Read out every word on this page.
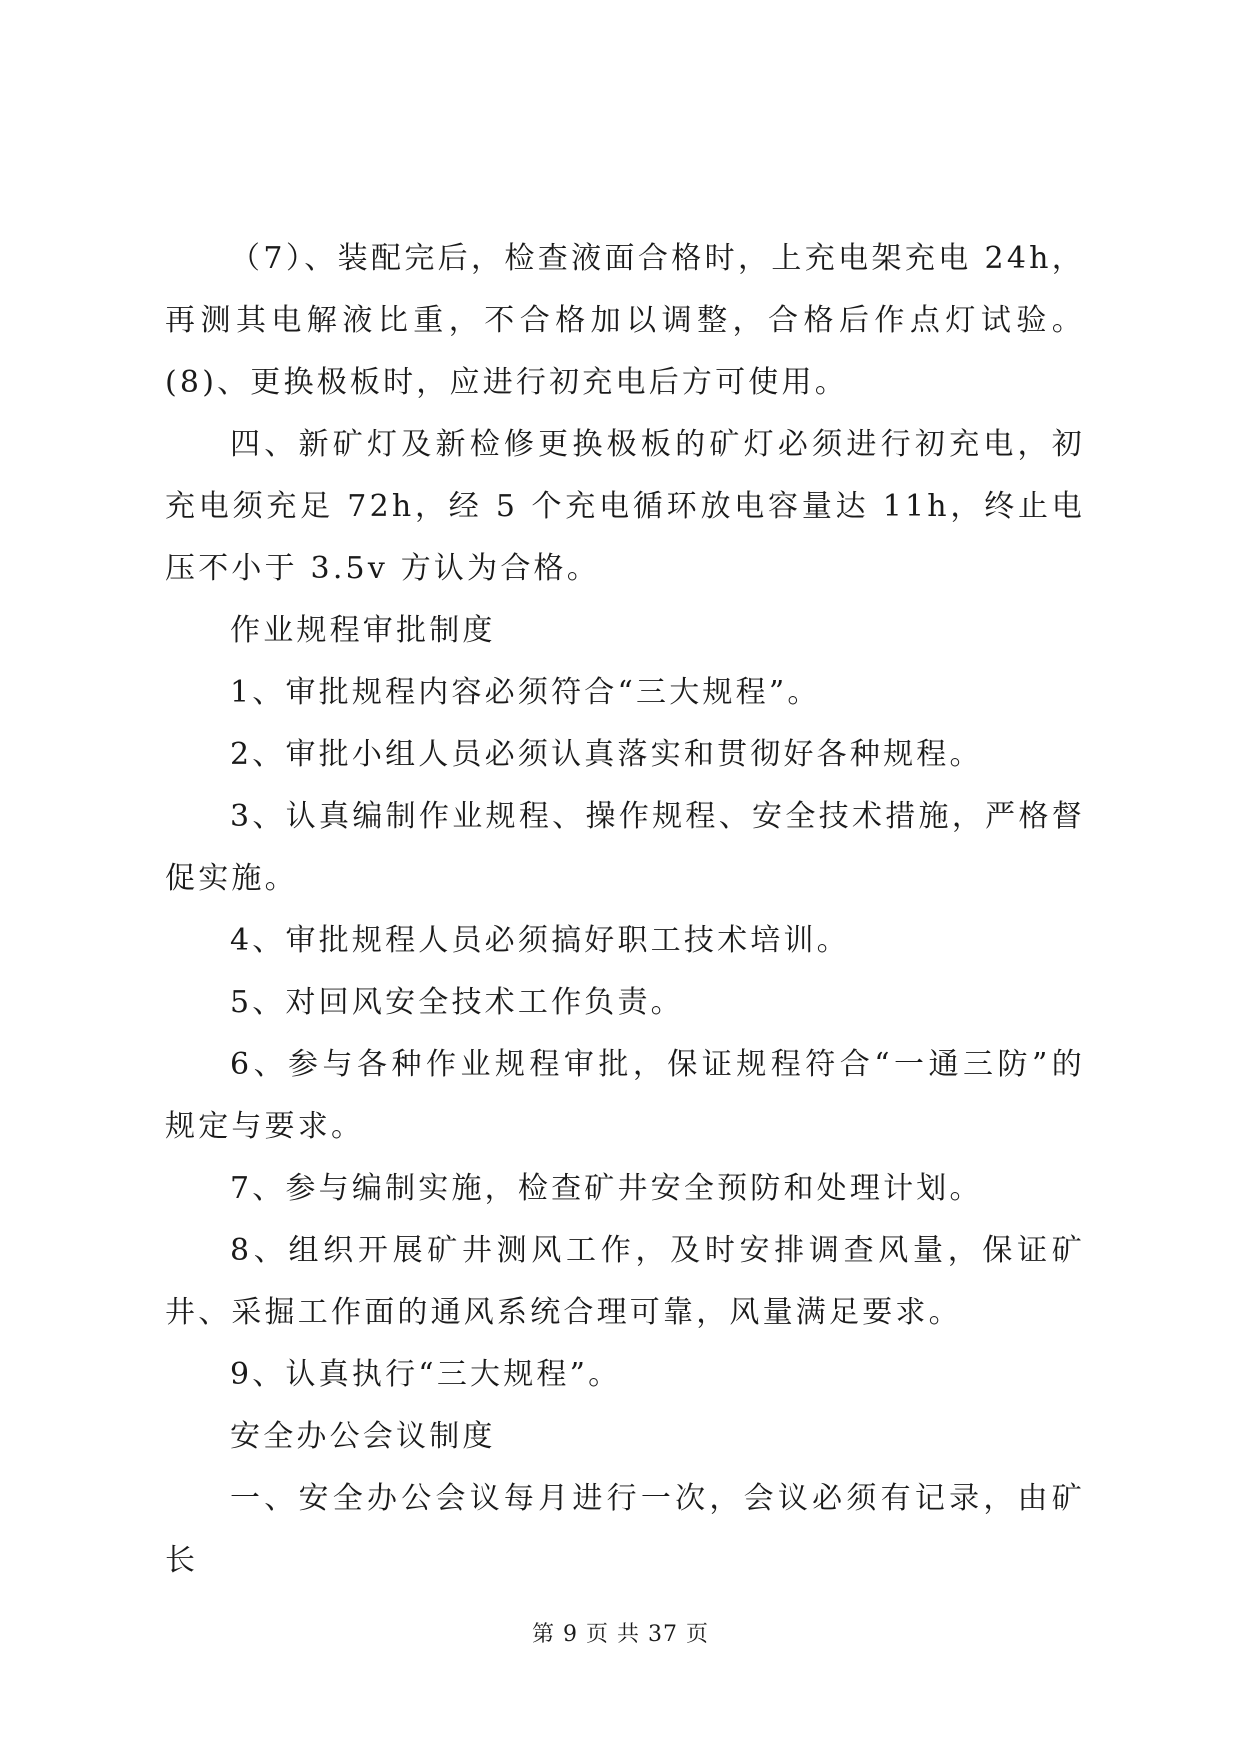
（7）、装配完后，检查液面合格时，上充电架充电 24h，再测其电解液比重，不合格加以调整，合格后作点灯试验。(8)、更换极板时，应进行初充电后方可使用。

四、新矿灯及新检修更换极板的矿灯必须进行初充电，初充电须充足 72h，经 5 个充电循环放电容量达 11h，终止电压不小于 3.5v 方认为合格。

作业规程审批制度

1、审批规程内容必须符合“三大规程”。

2、审批小组人员必须认真落实和贯彻好各种规程。

3、认真编制作业规程、操作规程、安全技术措施，严格督促实施。

4、审批规程人员必须搞好职工技术培训。

5、对回风安全技术工作负责。

6、参与各种作业规程审批，保证规程符合“一通三防”的规定与要求。

7、参与编制实施，检查矿井安全预防和处理计划。

8、组织开展矿井测风工作，及时安排调查风量，保证矿井、采掘工作面的通风系统合理可靠，风量满足要求。

9、认真执行“三大规程”。

安全办公会议制度

一、安全办公会议每月进行一次，会议必须有记录，由矿长

第 9 页 共 37 页
